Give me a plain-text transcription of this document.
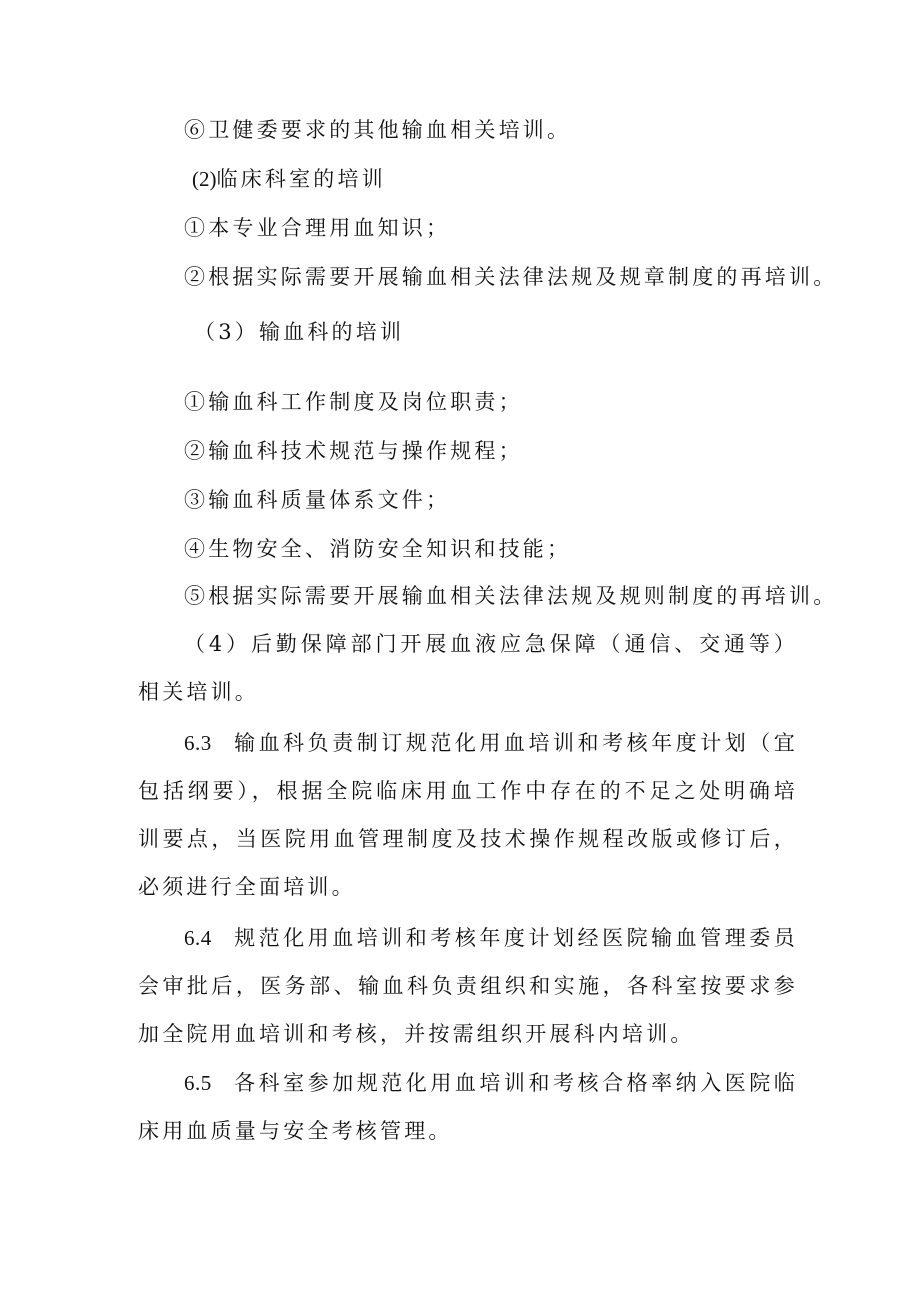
⑥卫健委要求的其他输血相关培训。
(2)临床科室的培训
①本专业合理用血知识；
②根据实际需要开展输血相关法律法规及规章制度的再培训。
（3）输血科的培训
①输血科工作制度及岗位职责；
②输血科技术规范与操作规程；
③输血科质量体系文件；
④生物安全、消防安全知识和技能；
⑤根据实际需要开展输血相关法律法规及规则制度的再培训。
（4）后勤保障部门开展血液应急保障（通信、交通等）相关培训。
6.3 输血科负责制订规范化用血培训和考核年度计划（宜包括纲要），根据全院临床用血工作中存在的不足之处明确培训要点，当医院用血管理制度及技术操作规程改版或修订后，必须进行全面培训。
6.4 规范化用血培训和考核年度计划经医院输血管理委员会审批后，医务部、输血科负责组织和实施，各科室按要求参加全院用血培训和考核，并按需组织开展科内培训。
6.5 各科室参加规范化用血培训和考核合格率纳入医院临床用血质量与安全考核管理。
